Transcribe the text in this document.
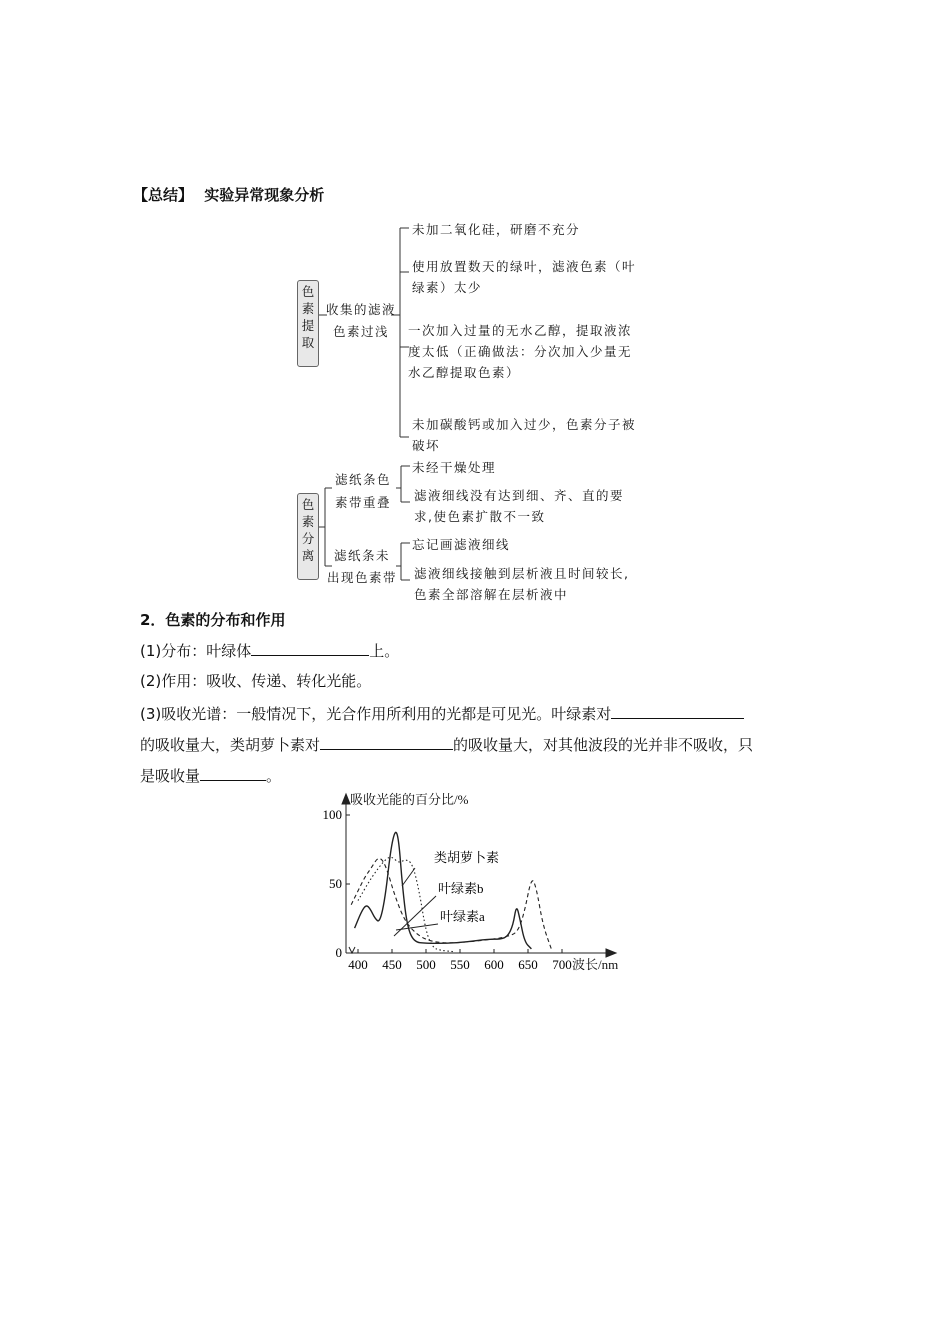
【总结】 实验异常现象分析
色
素
提
取
收集的滤液
色素过浅
未加二氧化硅，研磨不充分
使用放置数天的绿叶，滤液色素（叶
绿素）太少
一次加入过量的无水乙醇，提取液浓
度太低（正确做法：分次加入少量无
水乙醇提取色素）
未加碳酸钙或加入过少，色素分子被
破坏
色
素
分
离
滤纸条色
素带重叠
滤纸条未
出现色素带
未经干燥处理
滤液细线没有达到细、齐、直的要
求,使色素扩散不一致
忘记画滤液细线
滤液细线接触到层析液且时间较长,
色素全部溶解在层析液中
2．色素的分布和作用
(1)分布：叶绿体	上。
(2)作用：吸收、传递、转化光能。
(3)吸收光谱：一般情况下，光合作用所利用的光都是可见光。叶绿素对
的吸收量大，类胡萝卜素对	的吸收量大，对其他波段的光并非不吸收，只
是吸收量	。
吸收光能的百分比/%
波长/nm
400 450 500 550 600 650 700
0
50
100
类胡萝卜素
叶绿素b
叶绿素a
